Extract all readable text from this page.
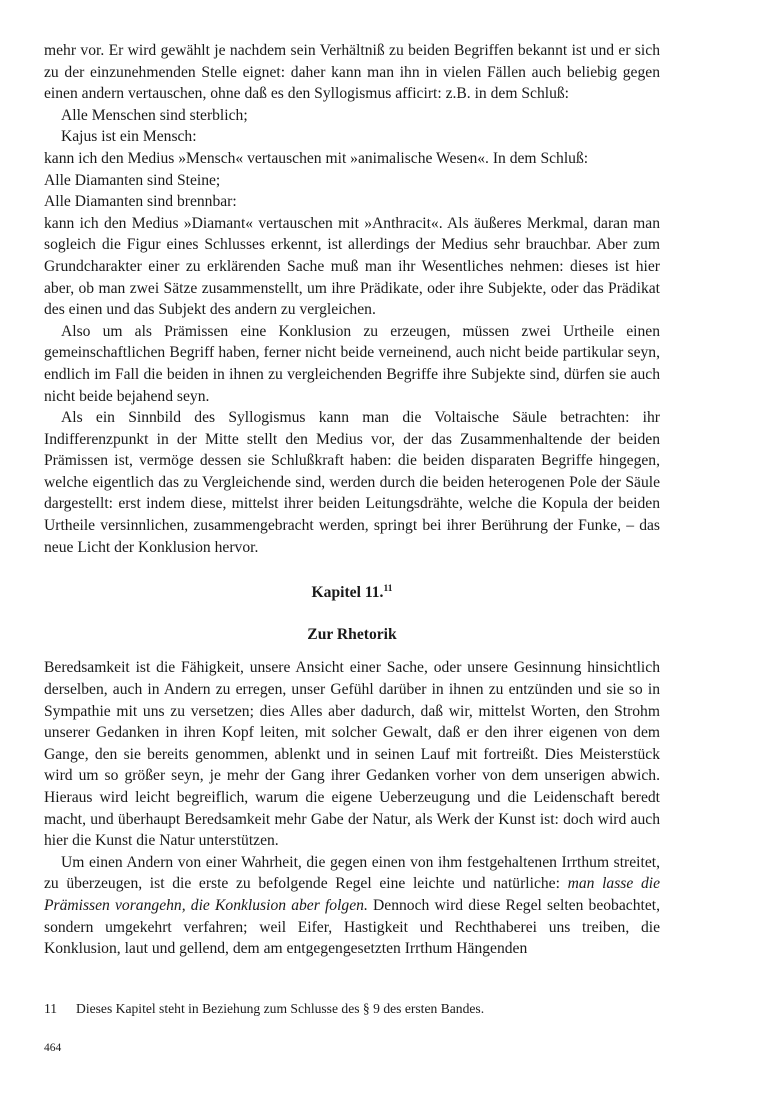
mehr vor. Er wird gewählt je nachdem sein Verhältniß zu beiden Begriffen bekannt ist und er sich zu der einzunehmenden Stelle eignet: daher kann man ihn in vielen Fällen auch beliebig gegen einen andern vertauschen, ohne daß es den Syllogismus afficirt: z.B. in dem Schluß:

Alle Menschen sind sterblich;

Kajus ist ein Mensch:

kann ich den Medius »Mensch« vertauschen mit »animalische Wesen«. In dem Schluß:

Alle Diamanten sind Steine;

Alle Diamanten sind brennbar:

kann ich den Medius »Diamant« vertauschen mit »Anthracit«. Als äußeres Merkmal, daran man sogleich die Figur eines Schlusses erkennt, ist allerdings der Medius sehr brauchbar. Aber zum Grundcharakter einer zu erklärenden Sache muß man ihr Wesentliches nehmen: dieses ist hier aber, ob man zwei Sätze zusammenstellt, um ihre Prädikate, oder ihre Subjekte, oder das Prädikat des einen und das Subjekt des andern zu vergleichen.

Also um als Prämissen eine Konklusion zu erzeugen, müssen zwei Urtheile einen gemeinschaftlichen Begriff haben, ferner nicht beide verneinend, auch nicht beide partikular seyn, endlich im Fall die beiden in ihnen zu vergleichenden Begriffe ihre Subjekte sind, dürfen sie auch nicht beide bejahend seyn.

Als ein Sinnbild des Syllogismus kann man die Voltaische Säule betrachten: ihr Indifferenzpunkt in der Mitte stellt den Medius vor, der das Zusammenhaltende der beiden Prämissen ist, vermöge dessen sie Schlußkraft haben: die beiden disparaten Begriffe hingegen, welche eigentlich das zu Vergleichende sind, werden durch die beiden heterogenen Pole der Säule dargestellt: erst indem diese, mittelst ihrer beiden Leitungsdrähte, welche die Kopula der beiden Urtheile versinnlichen, zusammengebracht werden, springt bei ihrer Berührung der Funke, – das neue Licht der Konklusion hervor.

Kapitel 11.11
Zur Rhetorik

Beredsamkeit ist die Fähigkeit, unsere Ansicht einer Sache, oder unsere Gesinnung hinsichtlich derselben, auch in Andern zu erregen, unser Gefühl darüber in ihnen zu entzünden und sie so in Sympathie mit uns zu versetzen; dies Alles aber dadurch, daß wir, mittelst Worten, den Strohm unserer Gedanken in ihren Kopf leiten, mit solcher Gewalt, daß er den ihrer eigenen von dem Gange, den sie bereits genommen, ablenkt und in seinen Lauf mit fortreißt. Dies Meisterstück wird um so größer seyn, je mehr der Gang ihrer Gedanken vorher von dem unserigen abwich. Hieraus wird leicht begreiflich, warum die eigene Ueberzeugung und die Leidenschaft beredt macht, und überhaupt Beredsamkeit mehr Gabe der Natur, als Werk der Kunst ist: doch wird auch hier die Kunst die Natur unterstützen.

Um einen Andern von einer Wahrheit, die gegen einen von ihm festgehaltenen Irrthum streitet, zu überzeugen, ist die erste zu befolgende Regel eine leichte und natürliche: man lasse die Prämissen vorangehn, die Konklusion aber folgen. Dennoch wird diese Regel selten beobachtet, sondern umgekehrt verfahren; weil Eifer, Hastigkeit und Rechthaberei uns treiben, die Konklusion, laut und gellend, dem am entgegengesetzten Irrthum Hängenden

11 Dieses Kapitel steht in Beziehung zum Schlusse des § 9 des ersten Bandes.
464
